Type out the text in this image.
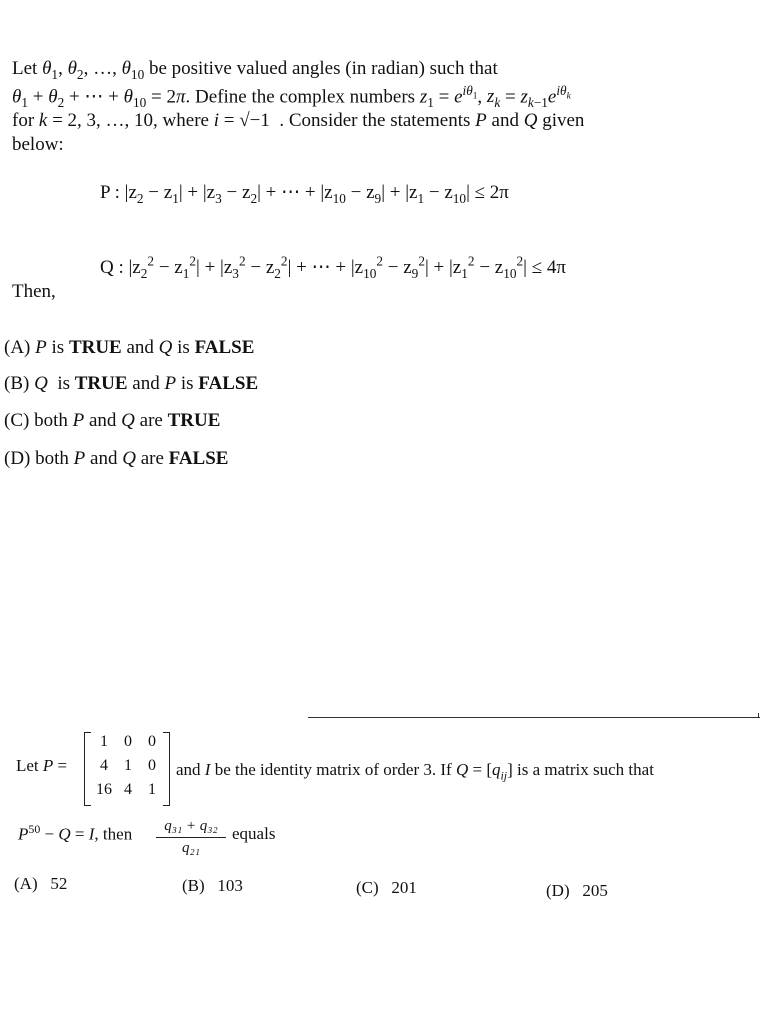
Let $\theta_1$, $\theta_2$, …, $\theta_{10}$ be positive valued angles (in radian) such that
$\theta_1 + \theta_2$ + ⋯ + $\theta_{10} = 2\pi$. Define the complex numbers $z_1 = e^{i\theta_1}$, $z_k = z_{k-1}e^{i\theta_k}$
for k = 2, 3, …, 10, where i = √−1  . Consider the statements P and Q given
below:
P : $|z_2 - z_1| + |z_3 - z_2|$ + ⋯ + $|z_{10} - z_9| + |z_1 - z_{10}| \le 2\pi$
Q : $|z_2^2 - z_1^2| + |z_3^2 - z_2^2|$ + ⋯ + $|z_{10}^2 - z_9^2| + |z_1^2 - z_{10}^2| \le 4\pi$
Then,
(A) P is TRUE and Q is FALSE
(B) Q  is TRUE and P is FALSE
(C) both P and Q are TRUE
(D) both P and Q are FALSE
Let P =
1	0	0
4	1	0
16	4	1
and I be the identity matrix of order 3. If $Q = [q_{ij}]$ is a matrix such that
$P^{50} - Q = I$, then $\frac{\text{q₃₁ + q₃₂}}{\text{q₂₁}}$ equals
(A) 52	(B) 103	(C) 201	(D) 205
